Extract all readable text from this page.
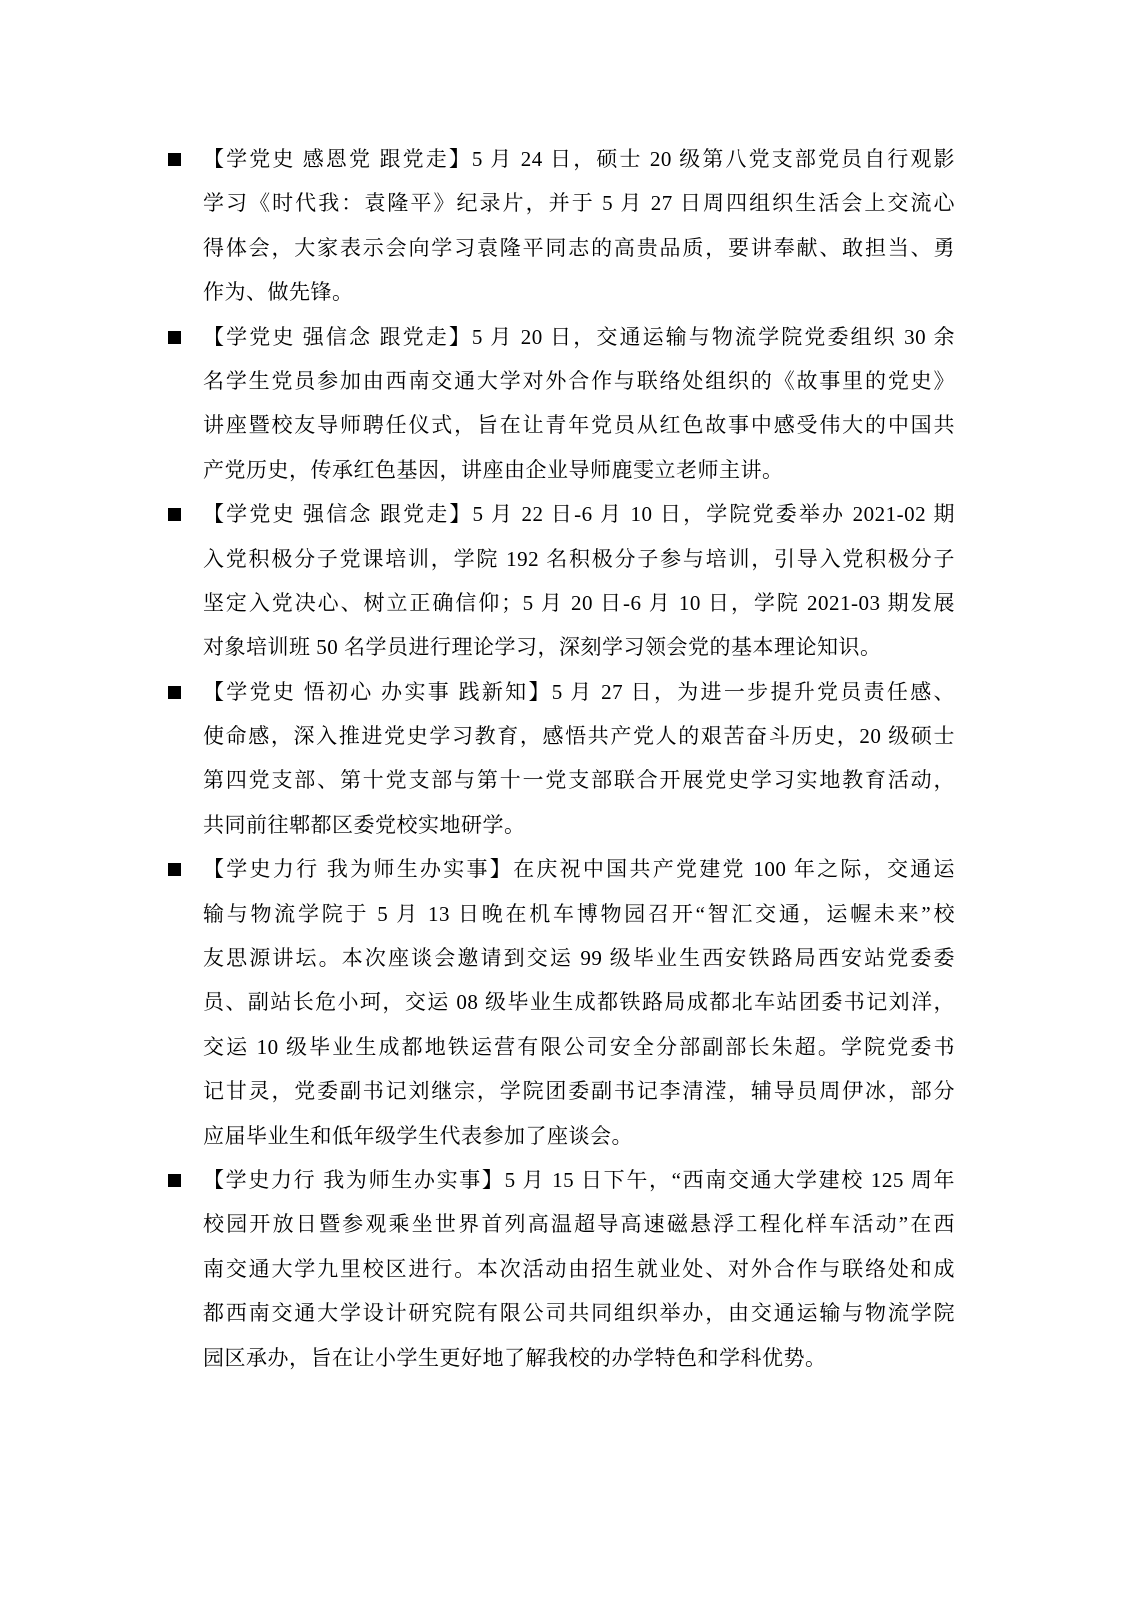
【学党史 感恩党 跟党走】5 月 24 日，硕士 20 级第八党支部党员自行观影
学习《时代我：袁隆平》纪录片，并于 5 月 27 日周四组织生活会上交流心
得体会，大家表示会向学习袁隆平同志的高贵品质，要讲奉献、敢担当、勇
作为、做先锋。
【学党史 强信念 跟党走】5 月 20 日，交通运输与物流学院党委组织 30 余
名学生党员参加由西南交通大学对外合作与联络处组织的《故事里的党史》
讲座暨校友导师聘任仪式，旨在让青年党员从红色故事中感受伟大的中国共
产党历史，传承红色基因，讲座由企业导师鹿雯立老师主讲。
【学党史 强信念 跟党走】5 月 22 日-6 月 10 日，学院党委举办 2021-02 期
入党积极分子党课培训，学院 192 名积极分子参与培训，引导入党积极分子
坚定入党决心、树立正确信仰；5 月 20 日-6 月 10 日，学院 2021-03 期发展
对象培训班 50 名学员进行理论学习，深刻学习领会党的基本理论知识。
【学党史 悟初心 办实事 践新知】5 月 27 日，为进一步提升党员责任感、
使命感，深入推进党史学习教育，感悟共产党人的艰苦奋斗历史，20 级硕士
第四党支部、第十党支部与第十一党支部联合开展党史学习实地教育活动，
共同前往郫都区委党校实地研学。
【学史力行 我为师生办实事】在庆祝中国共产党建党 100 年之际，交通运
输与物流学院于 5 月 13 日晚在机车博物园召开“智汇交通，运幄未来”校
友思源讲坛。本次座谈会邀请到交运 99 级毕业生西安铁路局西安站党委委
员、副站长危小珂，交运 08 级毕业生成都铁路局成都北车站团委书记刘洋，
交运 10 级毕业生成都地铁运营有限公司安全分部副部长朱超。学院党委书
记甘灵，党委副书记刘继宗，学院团委副书记李清滢，辅导员周伊冰，部分
应届毕业生和低年级学生代表参加了座谈会。
【学史力行 我为师生办实事】5 月 15 日下午，“西南交通大学建校 125 周年
校园开放日暨参观乘坐世界首列高温超导高速磁悬浮工程化样车活动”在西
南交通大学九里校区进行。本次活动由招生就业处、对外合作与联络处和成
都西南交通大学设计研究院有限公司共同组织举办，由交通运输与物流学院
园区承办，旨在让小学生更好地了解我校的办学特色和学科优势。
